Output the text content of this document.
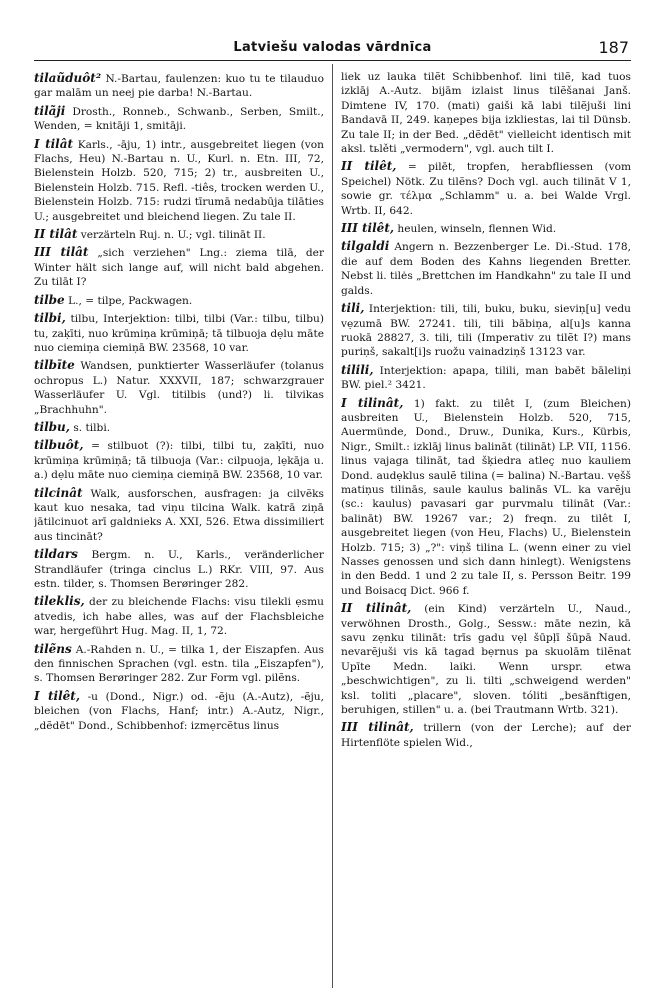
Latviešu valodas vārdnīca	187

tilaũduôt² N.-Bartau, faulenzen: kuo tu te tilauduo gar malām un neej pie darba! N.-Bartau.

tilãji Drosth., Ronneb., Schwanb., Serben, Smilt., Wenden, = knitāji 1, smitāji.

I tilât Karls., -āju, 1) intr., ausgebreitet liegen (von Flachs, Heu) N.-Bartau n. U., Kurl. n. Etn. III, 72, Bielenstein Holzb. 520, 715; 2) tr., ausbreiten U., Bielenstein Holzb. 715. Refl. -tiês, trocken werden U., Bielenstein Holzb. 715: rudzi tīrumā nedabūja tilāties U.; ausgebreitet und bleichend liegen. Zu tale II.

II tilât verzärteln Ruj. n. U.; vgl. tilināt II.

III tilât „sich verziehen" Lng.: ziema tilā, der Winter hält sich lange auf, will nicht bald abgehen. Zu tilāt I?

tilbe L., = tilpe, Packwagen.

tilbi, tilbu, Interjektion: tilbi, tilbi (Var.: tilbu, tilbu) tu, zaķīti, nuo krūmiņa krūmiņā; tā tilbuoja dẹlu māte nuo ciemiņa ciemiņā BW. 23568, 10 var.

tilbīte Wandsen, punktierter Wasserläufer (tolanus ochropus L.) Natur. XXXVII, 187; schwarzgrauer Wasserläufer U. Vgl. titilbis (und?) li. tilvikas „Brachhuhn".

tilbu, s. tilbi.

tilbuôt, = stilbuot (?): tilbi, tilbi tu, zaķīti, nuo krūmiņa krūmiņā; tā tilbuoja (Var.: cilpuoja, lẹkāja u. a.) dẹlu māte nuo ciemiņa ciemiņā BW. 23568, 10 var.

tilcinât Walk, ausforschen, ausfragen: ja cilvẽks kaut kuo nesaka, tad viņu tilcina Walk. katrā ziņā jātilcinuot arī galdnieks A. XXI, 526. Etwa dissimiliert aus tincināt?

tildars Bergm. n. U., Karls., veränderlicher Strandläufer (tringa cinclus L.) RKr. VIII, 97. Aus estn. tilder, s. Thomsen Berøringer 282.

tileklis, der zu bleichende Flachs: visu tilekli ẹsmu atvedis, ich habe alles, was auf der Flachsbleiche war, hergeführt Hug. Mag. II, 1, 72.

tilẽns A.-Rahden n. U., = tilka 1, der Eiszapfen. Aus den finnischen Sprachen (vgl. estn. tila „Eiszapfen"), s. Thomsen Berøringer 282. Zur Form vgl. pilẽns.

I tilêt, -u (Dond., Nigr.) od. -ẽju (A.-Autz), -ẽju, bleichen (von Flachs, Hanf; intr.) A.-Autz, Nigr., „dẽdēt" Dond., Schibbenhof: izmẹrcẽtus linus

liek uz lauka tilẽt Schibbenhof. lini tilẽ, kad tuos izklāj A.-Autz. bijām izlaist linus tilẽšanai Janš. Dimtene IV, 170. (mati) gaiši kā labi tilẽjuši lini Bandavā II, 249. kaņepes bija izkliestas, lai til Dünsb. Zu tale II; in der Bed. „dẽdēt" vielleicht identisch mit aksl. tьlěti „vermodern", vgl. auch tilt I.

II tilêt, = pilēt, tropfen, herabfliessen (vom Speichel) Nötk. Zu tilẽns? Doch vgl. auch tilināt V 1, sowie gr. τέλμα „Schlamm" u. a. bei Walde Vrgl. Wrtb. II, 642.

III tilêt, heulen, winseln, flennen Wid.

tilgaldi Angern n. Bezzenberger Le. Di.-Stud. 178, die auf dem Boden des Kahns liegenden Bretter. Nebst li. tilės „Brettchen im Handkahn" zu tale II und galds.

tili, Interjektion: tili, tili, buku, buku, sieviņ[u] vedu vẹzumā BW. 27241. tili, tili bābiņa, al[u]s kanna ruokā 28827, 3. tili, tili (Imperativ zu tilẽt I?) mans puriņš, sakalt[i]s ruožu vainadziņš 13123 var.

tilili, Interjektion: apapa, tilili, man babēt bāleliņi BW. piel.² 3421.

I tilinât, 1) fakt. zu tilêt I, (zum Bleichen) ausbreiten U., Bielenstein Holzb. 520, 715, Auermünde, Dond., Druw., Dunika, Kurs., Kürbis, Nigr., Smilt.: izklāj linus balināt (tilināt) LP. VII, 1156. linus vajaga tilināt, tad šķiedra atleç nuo kauliem Dond. audẹklus saulẽ tilina (= balina) N.-Bartau. vẹšš matiņus tilinās, saule kaulus balinās VL. ka varẽju (sc.: kaulus) pavasari gar purvmalu tilināt (Var.: balināt) BW. 19267 var.; 2) freqn. zu tilêt I, ausgebreitet liegen (von Heu, Flachs) U., Bielenstein Holzb. 715; 3) „?": viņš tilina L. (wenn einer zu viel Nasses genossen und sich dann hinlegt). Wenigstens in den Bedd. 1 und 2 zu tale II, s. Persson Beitr. 199 und Boisacq Dict. 966 f.

II tilinât, (ein Kind) verzärteln U., Naud., verwöhnen Drosth., Golg., Sessw.: māte nezin, kā savu zẹnku tilināt: trīs gadu vẹl šūpļī šūpā Naud. nevarẽjuši vis kā tagad bẹrnus pa skuolām tilẽnat Upīte Medn. laiki. Wenn urspr. etwa „beschwichtigen", zu li. tilti „schweigend werden" ksl. toliti „placare", sloven. tóliti „besänftigen, beruhigen, stillen" u. a. (bei Trautmann Wrtb. 321).

III tilinât, trillern (von der Lerche); auf der Hirtenflöte spielen Wid.,
